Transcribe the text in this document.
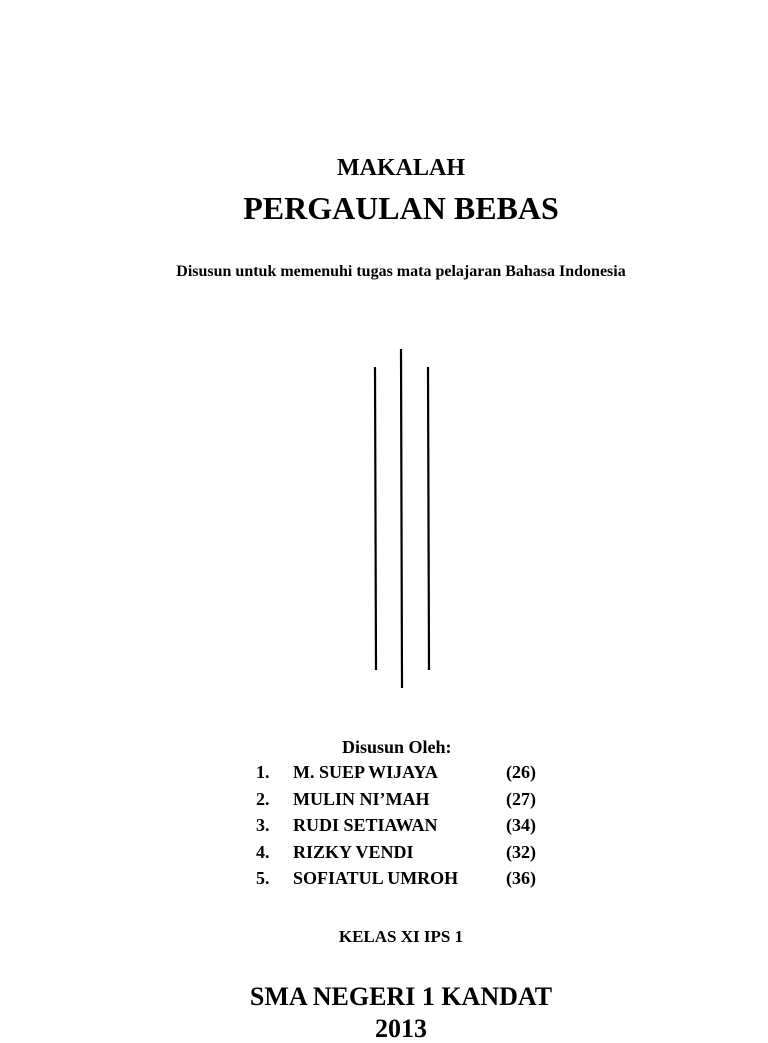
MAKALAH
PERGAULAN BEBAS
Disusun untuk memenuhi tugas mata pelajaran Bahasa Indonesia
Disusun Oleh:
1. M. SUEP WIJAYA	(26)
2. MULIN NI’MAH	(27)
3. RUDI SETIAWAN	(34)
4. RIZKY VENDI	(32)
5. SOFIATUL UMROH	(36)
KELAS XI IPS 1
SMA NEGERI 1 KANDAT
2013
